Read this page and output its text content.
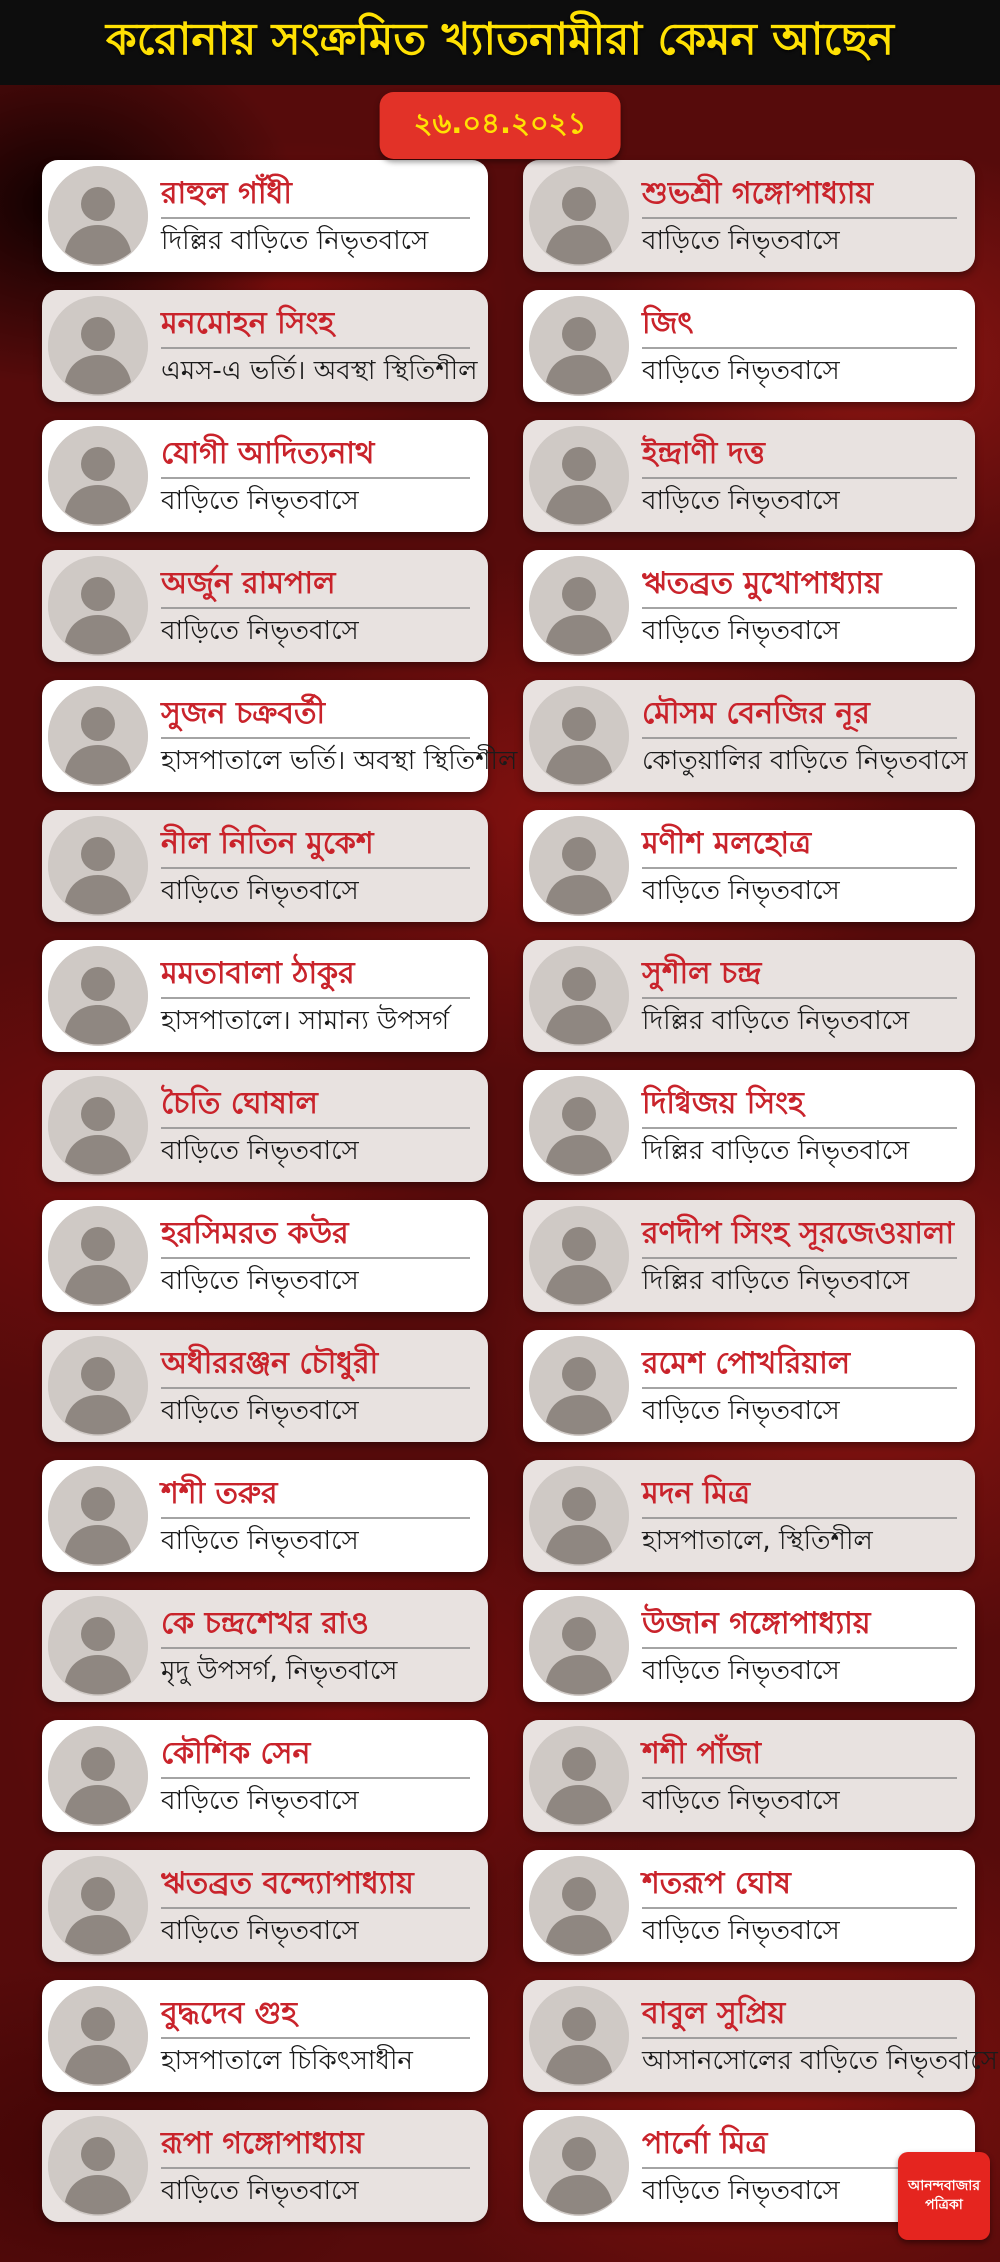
করোনায় সংক্রমিত খ্যাতনামীরা কেমন আছেন
২৬.০৪.২০২১
রাহুল গাঁধী
দিল্লির বাড়িতে নিভৃতবাসে
শুভশ্রী গঙ্গোপাধ্যায়
বাড়িতে নিভৃতবাসে
মনমোহন সিংহ
এমস-এ ভর্তি। অবস্থা স্থিতিশীল
জিৎ
বাড়িতে নিভৃতবাসে
যোগী আদিত্যনাথ
বাড়িতে নিভৃতবাসে
ইন্দ্রাণী দত্ত
বাড়িতে নিভৃতবাসে
অর্জুন রামপাল
বাড়িতে নিভৃতবাসে
ঋতব্রত মুখোপাধ্যায়
বাড়িতে নিভৃতবাসে
সুজন চক্রবর্তী
হাসপাতালে ভর্তি। অবস্থা স্থিতিশীল
মৌসম বেনজির নূর
কোতুয়ালির বাড়িতে নিভৃতবাসে
নীল নিতিন মুকেশ
বাড়িতে নিভৃতবাসে
মণীশ মলহোত্র
বাড়িতে নিভৃতবাসে
মমতাবালা ঠাকুর
হাসপাতালে। সামান্য উপসর্গ
সুশীল চন্দ্র
দিল্লির বাড়িতে নিভৃতবাসে
চৈতি ঘোষাল
বাড়িতে নিভৃতবাসে
দিগ্বিজয় সিংহ
দিল্লির বাড়িতে নিভৃতবাসে
হরসিমরত কউর
বাড়িতে নিভৃতবাসে
রণদীপ সিংহ সূরজেওয়ালা
দিল্লির বাড়িতে নিভৃতবাসে
অধীররঞ্জন চৌধুরী
বাড়িতে নিভৃতবাসে
রমেশ পোখরিয়াল
বাড়িতে নিভৃতবাসে
শশী তরুর
বাড়িতে নিভৃতবাসে
মদন মিত্র
হাসপাতালে, স্থিতিশীল
কে চন্দ্রশেখর রাও
মৃদু উপসর্গ, নিভৃতবাসে
উজান গঙ্গোপাধ্যায়
বাড়িতে নিভৃতবাসে
কৌশিক সেন
বাড়িতে নিভৃতবাসে
শশী পাঁজা
বাড়িতে নিভৃতবাসে
ঋতব্রত বন্দ্যোপাধ্যায়
বাড়িতে নিভৃতবাসে
শতরূপ ঘোষ
বাড়িতে নিভৃতবাসে
বুদ্ধদেব গুহ
হাসপাতালে চিকিৎসাধীন
বাবুল সুপ্রিয়
আসানসোলের বাড়িতে নিভৃতবাসে
রূপা গঙ্গোপাধ্যায়
বাড়িতে নিভৃতবাসে
পার্নো মিত্র
বাড়িতে নিভৃতবাসে	আনন্দবাজার
পত্রিকা
